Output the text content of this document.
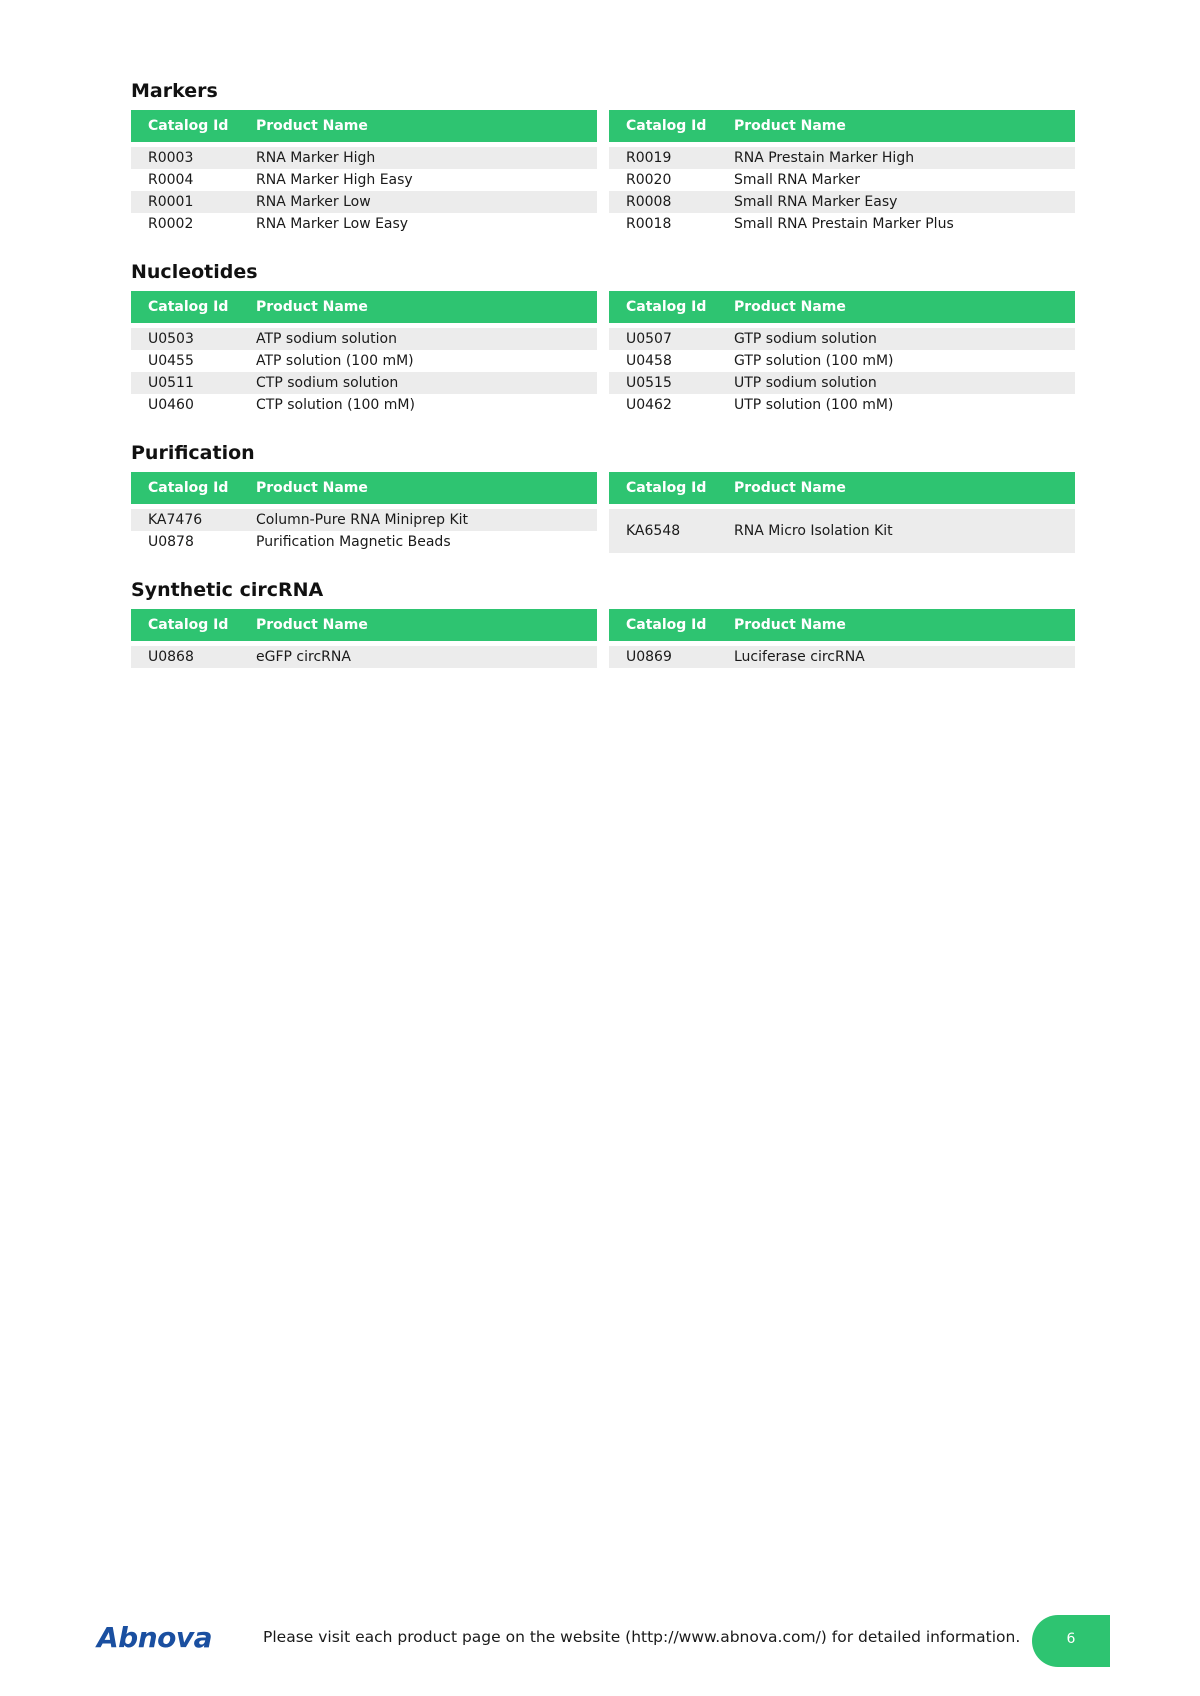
Markers
Catalog Id	Product Name
R0003	RNA Marker High
R0004	RNA Marker High Easy
R0001	RNA Marker Low
R0002	RNA Marker Low Easy
Catalog Id	Product Name
R0019	RNA Prestain Marker High
R0020	Small RNA Marker
R0008	Small RNA Marker Easy
R0018	Small RNA Prestain Marker Plus
Nucleotides
Catalog Id	Product Name
U0503	ATP sodium solution
U0455	ATP solution (100 mM)
U0511	CTP sodium solution
U0460	CTP solution (100 mM)
Catalog Id	Product Name
U0507	GTP sodium solution
U0458	GTP solution (100 mM)
U0515	UTP sodium solution
U0462	UTP solution (100 mM)
Purification
Catalog Id	Product Name
KA7476	Column-Pure RNA Miniprep Kit
U0878	Purification Magnetic Beads
Catalog Id	Product Name
KA6548	RNA Micro Isolation Kit
Synthetic circRNA
Catalog Id	Product Name
U0868	eGFP circRNA
Catalog Id	Product Name
U0869	Luciferase circRNA
Abnova	Please visit each product page on the website (http://www.abnova.com/) for detailed information.	6
